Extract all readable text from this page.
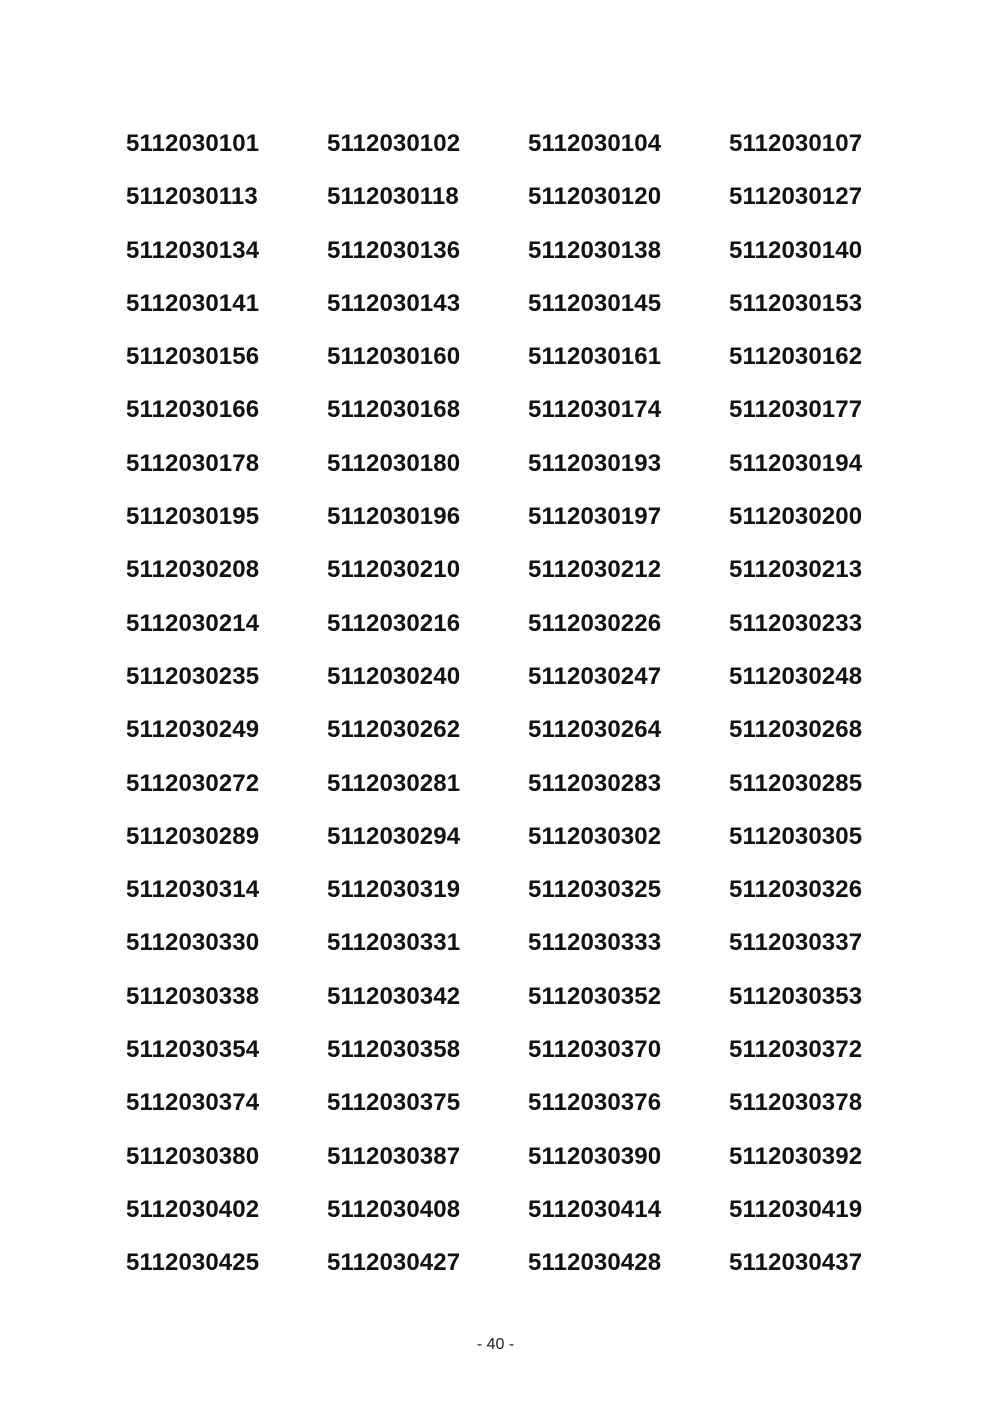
5112030101	5112030102	5112030104	5112030107
5112030113	5112030118	5112030120	5112030127
5112030134	5112030136	5112030138	5112030140
5112030141	5112030143	5112030145	5112030153
5112030156	5112030160	5112030161	5112030162
5112030166	5112030168	5112030174	5112030177
5112030178	5112030180	5112030193	5112030194
5112030195	5112030196	5112030197	5112030200
5112030208	5112030210	5112030212	5112030213
5112030214	5112030216	5112030226	5112030233
5112030235	5112030240	5112030247	5112030248
5112030249	5112030262	5112030264	5112030268
5112030272	5112030281	5112030283	5112030285
5112030289	5112030294	5112030302	5112030305
5112030314	5112030319	5112030325	5112030326
5112030330	5112030331	5112030333	5112030337
5112030338	5112030342	5112030352	5112030353
5112030354	5112030358	5112030370	5112030372
5112030374	5112030375	5112030376	5112030378
5112030380	5112030387	5112030390	5112030392
5112030402	5112030408	5112030414	5112030419
5112030425	5112030427	5112030428	5112030437
- 40 -
